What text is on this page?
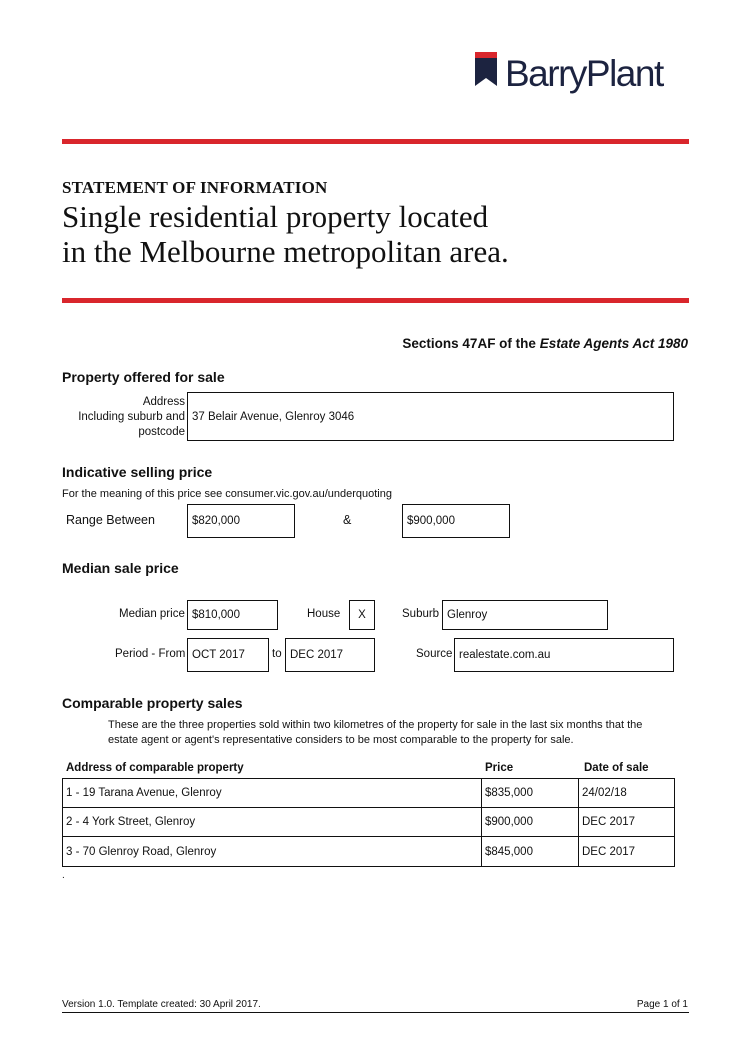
BarryPlant
STATEMENT OF INFORMATION
Single residential property located
in the Melbourne metropolitan area.
Sections 47AF of the Estate Agents Act 1980
Property offered for sale
Address
Including suburb and
postcode
37 Belair Avenue, Glenroy 3046
Indicative selling price
For the meaning of this price see consumer.vic.gov.au/underquoting
Range Between	$820,000	&	$900,000
Median sale price
Median price $810,000	House X	Suburb Glenroy
Period - From OCT 2017 to DEC 2017	Source realestate.com.au
Comparable property sales
These are the three properties sold within two kilometres of the property for sale in the last six months that the
estate agent or agent's representative considers to be most comparable to the property for sale.
Address of comparable property	Price	Date of sale
1 - 19 Tarana Avenue, Glenroy	$835,000	24/02/18
2 - 4 York Street, Glenroy	$900,000	DEC 2017
3 - 70 Glenroy Road, Glenroy	$845,000	DEC 2017
.
Version 1.0. Template created: 30 April 2017.	Page 1 of 1
